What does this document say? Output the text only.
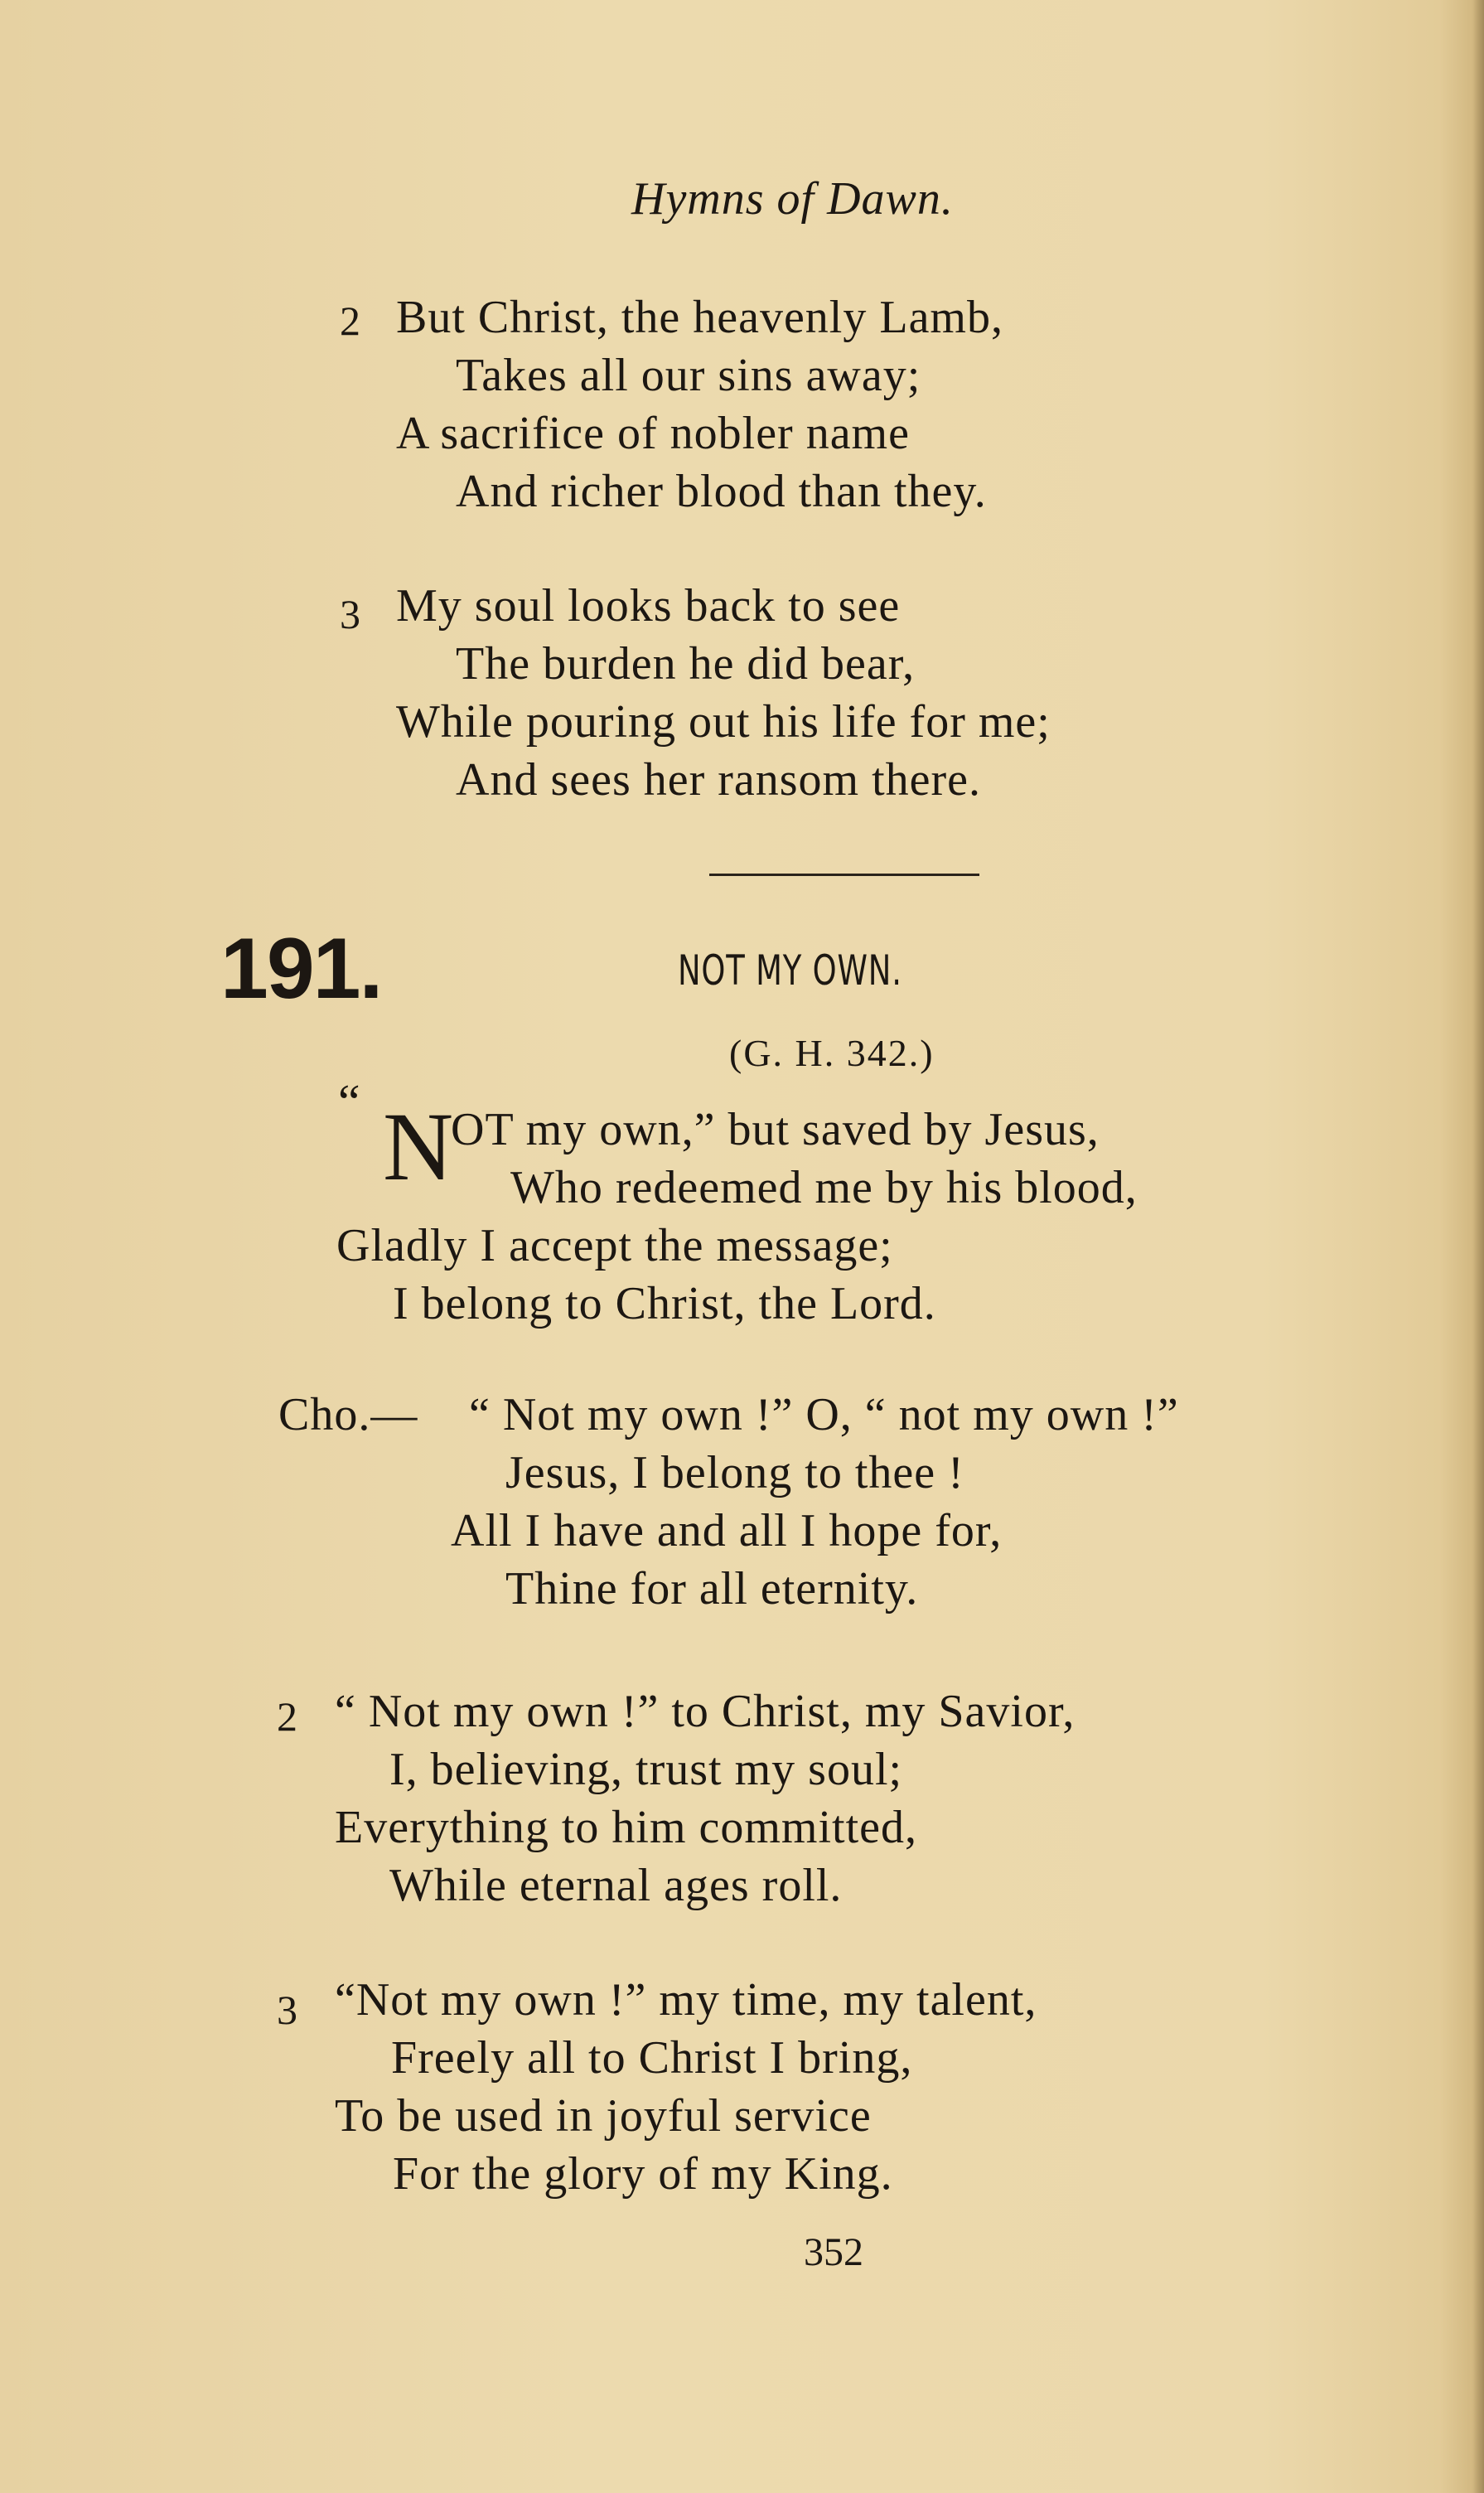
Hymns of Dawn.
2 But Christ, the heavenly Lamb,
Takes all our sins away;
A sacrifice of nobler name
And richer blood than they.
3 My soul looks back to see
The burden he did bear,
While pouring out his life for me;
And sees her ransom there.
191.	NOT MY OWN.
(G. H. 342.)
“ N
OT my own,” but saved by Jesus,
Who redeemed me by his blood,
Gladly I accept the message;
I belong to Christ, the Lord.
Cho.— “ Not my own !” O, “ not my own !”
Jesus, I belong to thee !
All I have and all I hope for,
Thine for all eternity.
2 “ Not my own !” to Christ, my Savior,
I, believing, trust my soul;
Everything to him committed,
While eternal ages roll.
3 “Not my own !” my time, my talent,
Freely all to Christ I bring,
To be used in joyful service
For the glory of my King.
352
